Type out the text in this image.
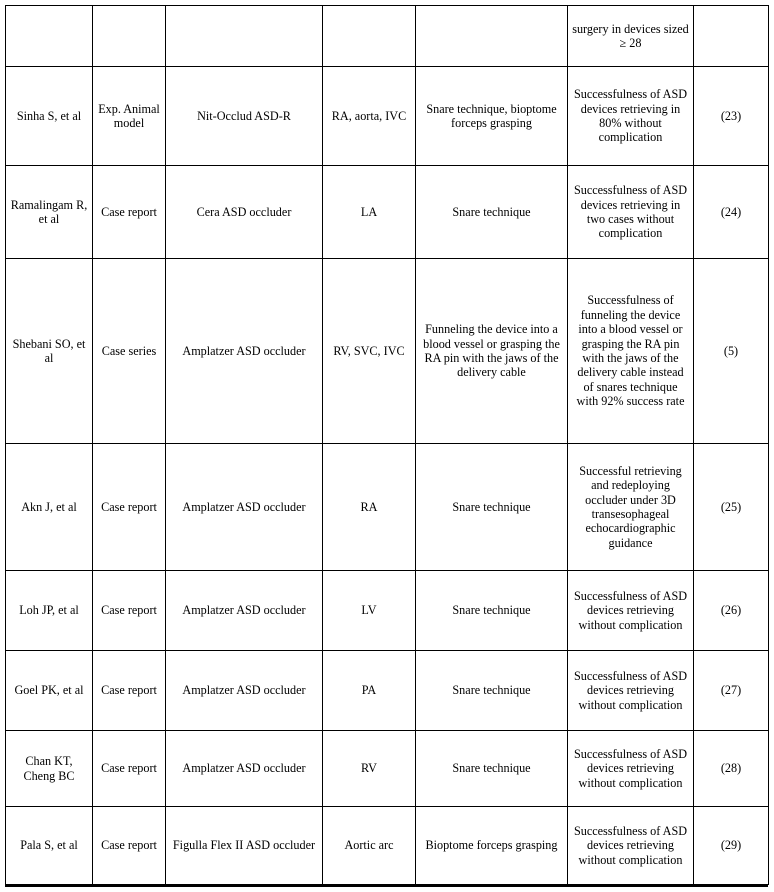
					surgery in devices sized ≥ 28	
Sinha S, et al	Exp. Animal model	Nit-Occlud ASD-R	RA, aorta, IVC	Snare technique, bioptome forceps grasping	Successfulness of ASD devices retrieving in 80% without complication	(23)
Ramalingam R, et al	Case report	Cera ASD occluder	LA	Snare technique	Successfulness of ASD devices retrieving in two cases without complication	(24)
Shebani SO, et al	Case series	Amplatzer ASD occluder	RV, SVC, IVC	Funneling the device into a blood vessel or grasping the RA pin with the jaws of the delivery cable	Successfulness of funneling the device into a blood vessel or grasping the RA pin with the jaws of the delivery cable instead of snares technique with 92% success rate	(5)
Akn J, et al	Case report	Amplatzer ASD occluder	RA	Snare technique	Successful retrieving and redeploying occluder under 3D transesophageal echocardiographic guidance	(25)
Loh JP, et al	Case report	Amplatzer ASD occluder	LV	Snare technique	Successfulness of ASD devices retrieving without complication	(26)
Goel PK, et al	Case report	Amplatzer ASD occluder	PA	Snare technique	Successfulness of ASD devices retrieving without complication	(27)
Chan KT, Cheng BC	Case report	Amplatzer ASD occluder	RV	Snare technique	Successfulness of ASD devices retrieving without complication	(28)
Pala S, et al	Case report	Figulla Flex II ASD occluder	Aortic arc	Bioptome forceps grasping	Successfulness of ASD devices retrieving without complication	(29)
